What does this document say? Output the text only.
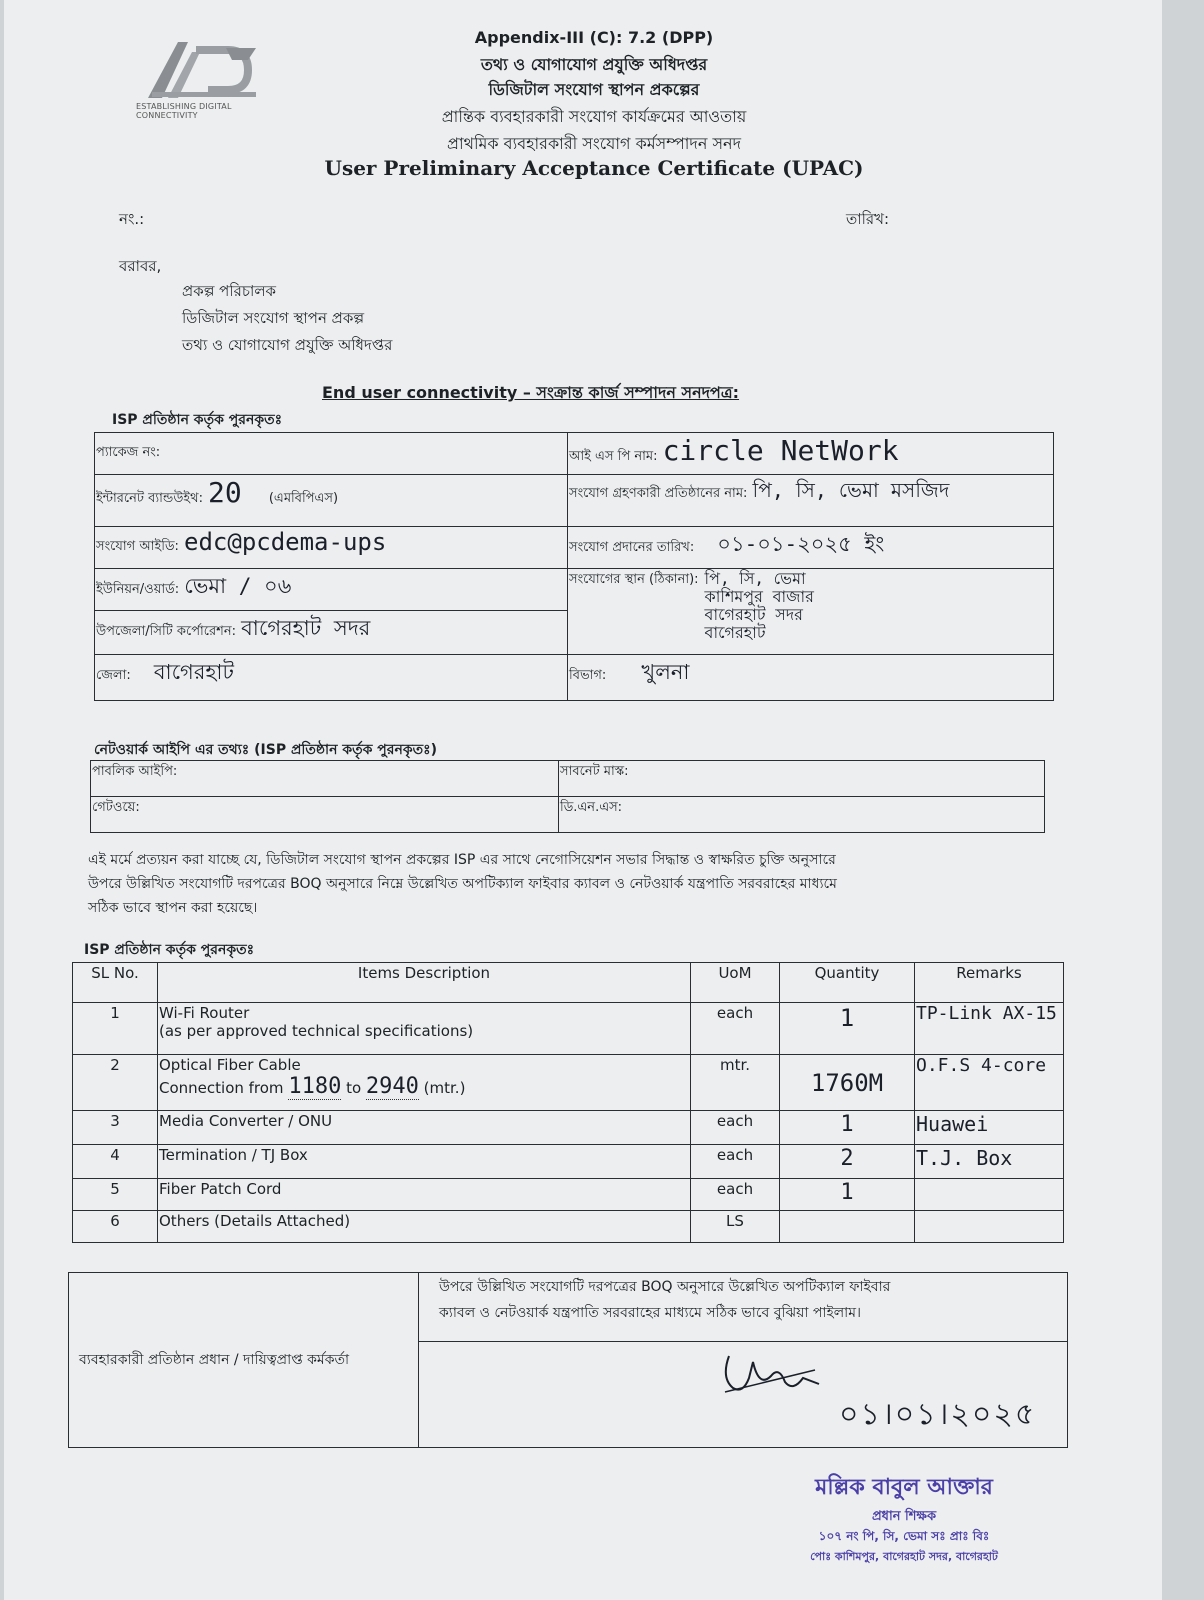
ESTABLISHING DIGITAL CONNECTIVITY
Appendix-III (C): 7.2 (DPP)
তথ্য ও যোগাযোগ প্রযুক্তি অধিদপ্তর
ডিজিটাল সংযোগ স্থাপন প্রকল্পের
প্রান্তিক ব্যবহারকারী সংযোগ কার্যক্রমের আওতায়
প্রাথমিক ব্যবহারকারী সংযোগ কর্মসম্পাদন সনদ
User Preliminary Acceptance Certificate (UPAC)
নং.:	তারিখ:
বরাবর,
প্রকল্প পরিচালক
ডিজিটাল সংযোগ স্থাপন প্রকল্প
তথ্য ও যোগাযোগ প্রযুক্তি অধিদপ্তর
End user connectivity – সংক্রান্ত কার্জ সম্পাদন সনদপত্র:
ISP প্রতিষ্ঠান কর্তৃক পুরনকৃতঃ
প্যাকেজ নং:	আই এস পি নাম: circle NetWork
ইন্টারনেট ব্যান্ডউইথ: 20 (এমবিপিএস)	সংযোগ গ্রহণকারী প্রতিষ্ঠানের নাম: পি, সি, ভেমা মসজিদ
সংযোগ আইডি: edc@pcdema-ups	সংযোগ প্রদানের তারিখ: ০১-০১-২০২৫ ইং
ইউনিয়ন/ওয়ার্ড: ভেমা / ০৬	সংযোগের স্থান (ঠিকানা): পি, সি, ভেমা
কাশিমপুর বাজার
বাগেরহাট সদর
বাগেরহাট

উপজেলা/সিটি কর্পোরেশন: বাগেরহাট সদর	
জেলা: বাগেরহাট	বিভাগ: খুলনা
নেটওয়ার্ক আইপি এর তথ্যঃ (ISP প্রতিষ্ঠান কর্তৃক পুরনকৃতঃ)
পাবলিক আইপি:	সাবনেট মাস্ক:
গেটওয়ে:	ডি.এন.এস:
এই মর্মে প্রত্যয়ন করা যাচ্ছে যে, ডিজিটাল সংযোগ স্থাপন প্রকল্পের ISP এর সাথে নেগোসিয়েশন সভার সিদ্ধান্ত ও স্বাক্ষরিত চুক্তি অনুসারে
উপরে উল্লিখিত সংযোগটি দরপত্রের BOQ অনুসারে নিম্নে উল্লেখিত অপটিক্যাল ফাইবার ক্যাবল ও নেটওয়ার্ক যন্ত্রপাতি সরবরাহের মাধ্যমে
সঠিক ভাবে স্থাপন করা হয়েছে।
ISP প্রতিষ্ঠান কর্তৃক পুরনকৃতঃ
SL No.	Items Description	UoM	Quantity	Remarks
1	Wi-Fi Router
(as per approved technical specifications)	each	1	TP-Link AX-15
2	Optical Fiber Cable
Connection from 1180 to 2940 (mtr.)	mtr.	1760M	O.F.S 4-core
3	Media Converter / ONU	each	1	Huawei
4	Termination / TJ Box	each	2	T.J. Box
5	Fiber Patch Cord	each	1	
6	Others (Details Attached)	LS		
ব্যবহারকারী প্রতিষ্ঠান প্রধান / দায়িত্বপ্রাপ্ত কর্মকর্তা	
উপরে উল্লিখিত সংযোগটি দরপত্রের BOQ অনুসারে উল্লেখিত অপটিক্যাল ফাইবার
ক্যাবল ও নেটওয়ার্ক যন্ত্রপাতি সরবরাহের মাধ্যমে সঠিক ভাবে বুঝিয়া পাইলাম।

০১।০১।২০২৫
মল্লিক বাবুল আক্তার
প্রধান শিক্ষক
১০৭ নং পি, সি, ভেমা সঃ প্রাঃ বিঃ
পোঃ কাশিমপুর, বাগেরহাট সদর, বাগেরহাট
